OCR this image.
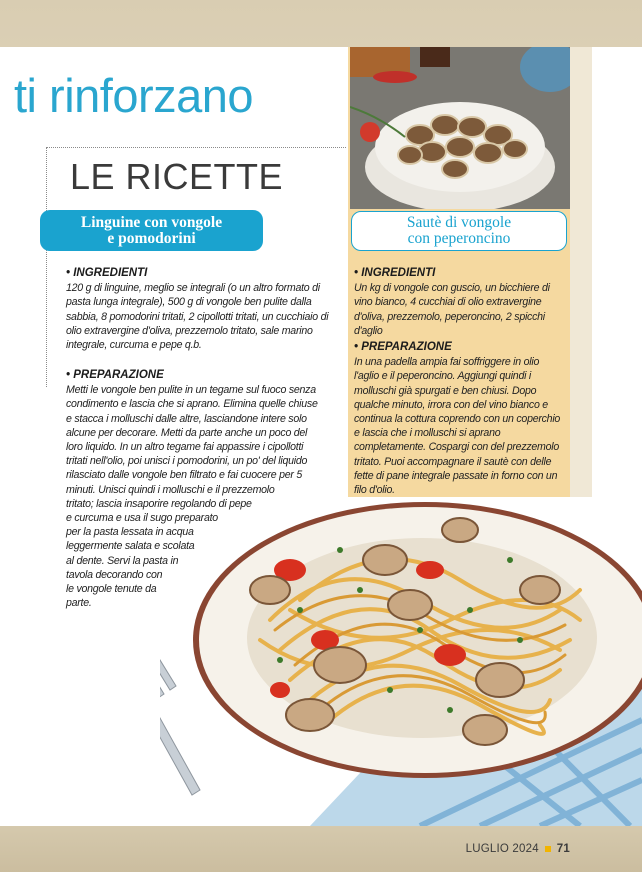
ti rinforzano
LE RICETTE
Linguine con vongole
e pomodorini
Sautè di vongole
con peperoncino
• INGREDIENTI

120 g di linguine, meglio se integrali (o un altro formato di pasta lunga integrale), 500 g di vongole ben pulite dalla sabbia, 8 pomodorini tritati, 2 cipollotti tritati, un cucchiaio di olio extravergine d'oliva, prezzemolo tritato, sale marino integrale, curcuma e pepe q.b.

• PREPARAZIONE
Metti le vongole ben pulite in un tegame sul fuoco senza
condimento e lascia che si aprano. Elimina quelle chiuse
e stacca i molluschi dalle altre, lasciandone intere solo
alcune per decorare. Metti da parte anche un poco del
loro liquido. In un altro tegame fai appassire i cipollotti
tritati nell'olio, poi unisci i pomodorini, un po' del liquido
rilasciato dalle vongole ben filtrato e fai cuocere per 5
minuti. Unisci quindi i molluschi e il prezzemolo
tritato; lascia insaporire regolando di pepe
e curcuma e usa il sugo preparato
per la pasta lessata in acqua
leggermente salata e scolata
al dente. Servi la pasta in
tavola decorando con
le vongole tenute da
parte.
• INGREDIENTI

Un kg di vongole con guscio, un bicchiere di vino bianco, 4 cucchiai di olio extravergine d'oliva, prezzemolo, peperoncino, 2 spicchi d'aglio

• PREPARAZIONE

In una padella ampia fai soffriggere in olio l'aglio e il peperoncino. Aggiungi quindi i molluschi già spurgati e ben chiusi. Dopo qualche minuto, irrora con del vino bianco e continua la cottura coprendo con un coperchio e lascia che i molluschi si aprano completamente. Cospargi con del prezzemolo tritato. Puoi accompagnare il sautè con delle fette di pane integrale passate in forno con un filo d'olio.

LUGLIO 2024 71
